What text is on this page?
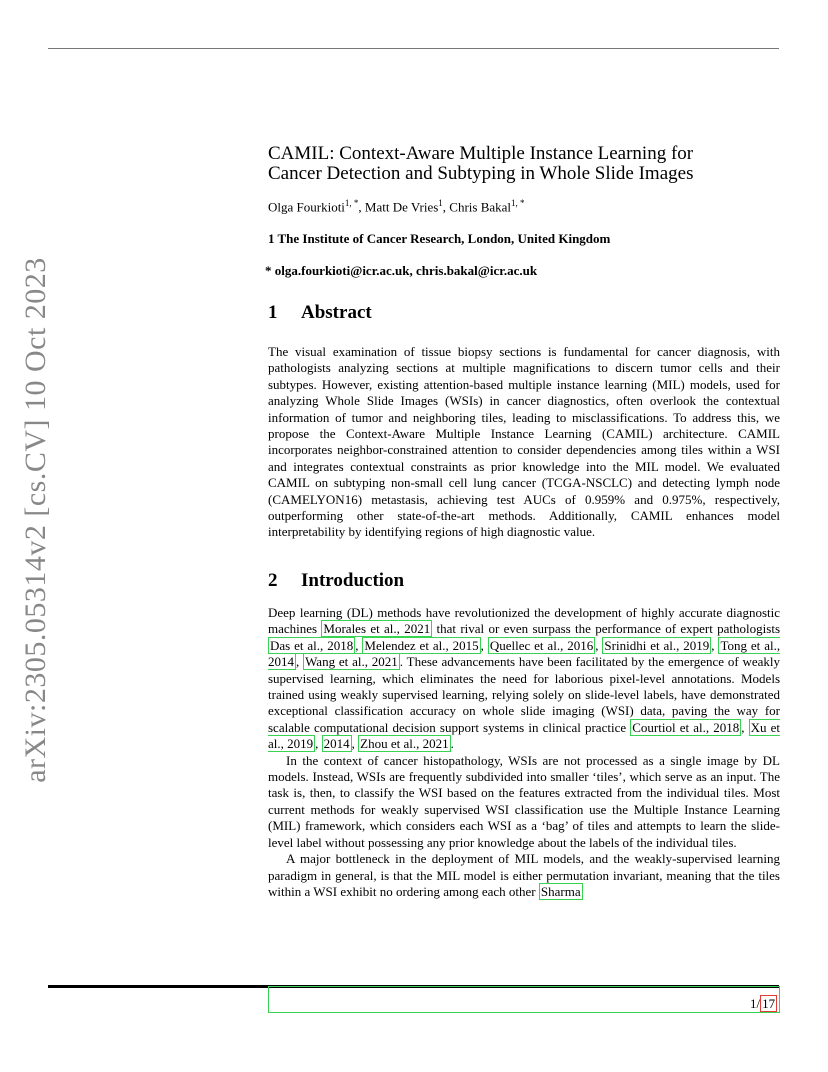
arXiv:2305.05314v2 [cs.CV] 10 Oct 2023
CAMIL: Context-Aware Multiple Instance Learning for
Cancer Detection and Subtyping in Whole Slide Images
Olga Fourkioti$^{1, *}$, Matt De Vries$^1$, Chris Bakal$^{1, *}$
1 The Institute of Cancer Research, London, United Kingdom
* olga.fourkioti@icr.ac.uk, chris.bakal@icr.ac.uk
1 Abstract

The visual examination of tissue biopsy sections is fundamental for cancer diagnosis, with pathologists analyzing sections at multiple magnifications to discern tumor cells and their subtypes. However, existing attention-based multiple instance learning (MIL) models, used for analyzing Whole Slide Images (WSIs) in cancer diagnostics, often overlook the contextual information of tumor and neighboring tiles, leading to misclassifications. To address this, we propose the Context-Aware Multiple Instance Learning (CAMIL) architecture. CAMIL incorporates neighbor-constrained attention to consider dependencies among tiles within a WSI and integrates contextual constraints as prior knowledge into the MIL model. We evaluated CAMIL on subtyping non-small cell lung cancer (TCGA-NSCLC) and detecting lymph node (CAMELYON16) metastasis, achieving test AUCs of 0.959% and 0.975%, respectively, outperforming other state-of-the-art methods. Additionally, CAMIL enhances model interpretability by identifying regions of high diagnostic value.

2 Introduction

Deep learning (DL) methods have revolutionized the development of highly accurate diagnostic machines Morales et al., 2021 that rival or even surpass the performance of expert pathologists Das et al., 2018 , Melendez et al., 2015 , Quellec et al., 2016 , Srinidhi et al., 2019 , Tong et al., 2014 , Wang et al., 2021 . These advancements have been facilitated by the emergence of weakly supervised learning, which eliminates the need for laborious pixel-level annotations. Models trained using weakly supervised learning, relying solely on slide-level labels, have demonstrated exceptional classification accuracy on whole slide imaging (WSI) data, paving the way for scalable computational decision support systems in clinical practice Courtiol et al., 2018 , Xu et al., 2019 , 2014 , Zhou et al., 2021 .

In the context of cancer histopathology, WSIs are not processed as a single image by DL models. Instead, WSIs are frequently subdivided into smaller ‘tiles’, which serve as an input. The task is, then, to classify the WSI based on the features extracted from the individual tiles. Most current methods for weakly supervised WSI classification use the Multiple Instance Learning (MIL) framework, which considers each WSI as a ‘bag’ of tiles and attempts to learn the slide-level label without possessing any prior knowledge about the labels of the individual tiles.

A major bottleneck in the deployment of MIL models, and the weakly-supervised learning paradigm in general, is that the MIL model is either permutation invariant, meaning that the tiles within a WSI exhibit no ordering among each other Sharma

1/ 17
